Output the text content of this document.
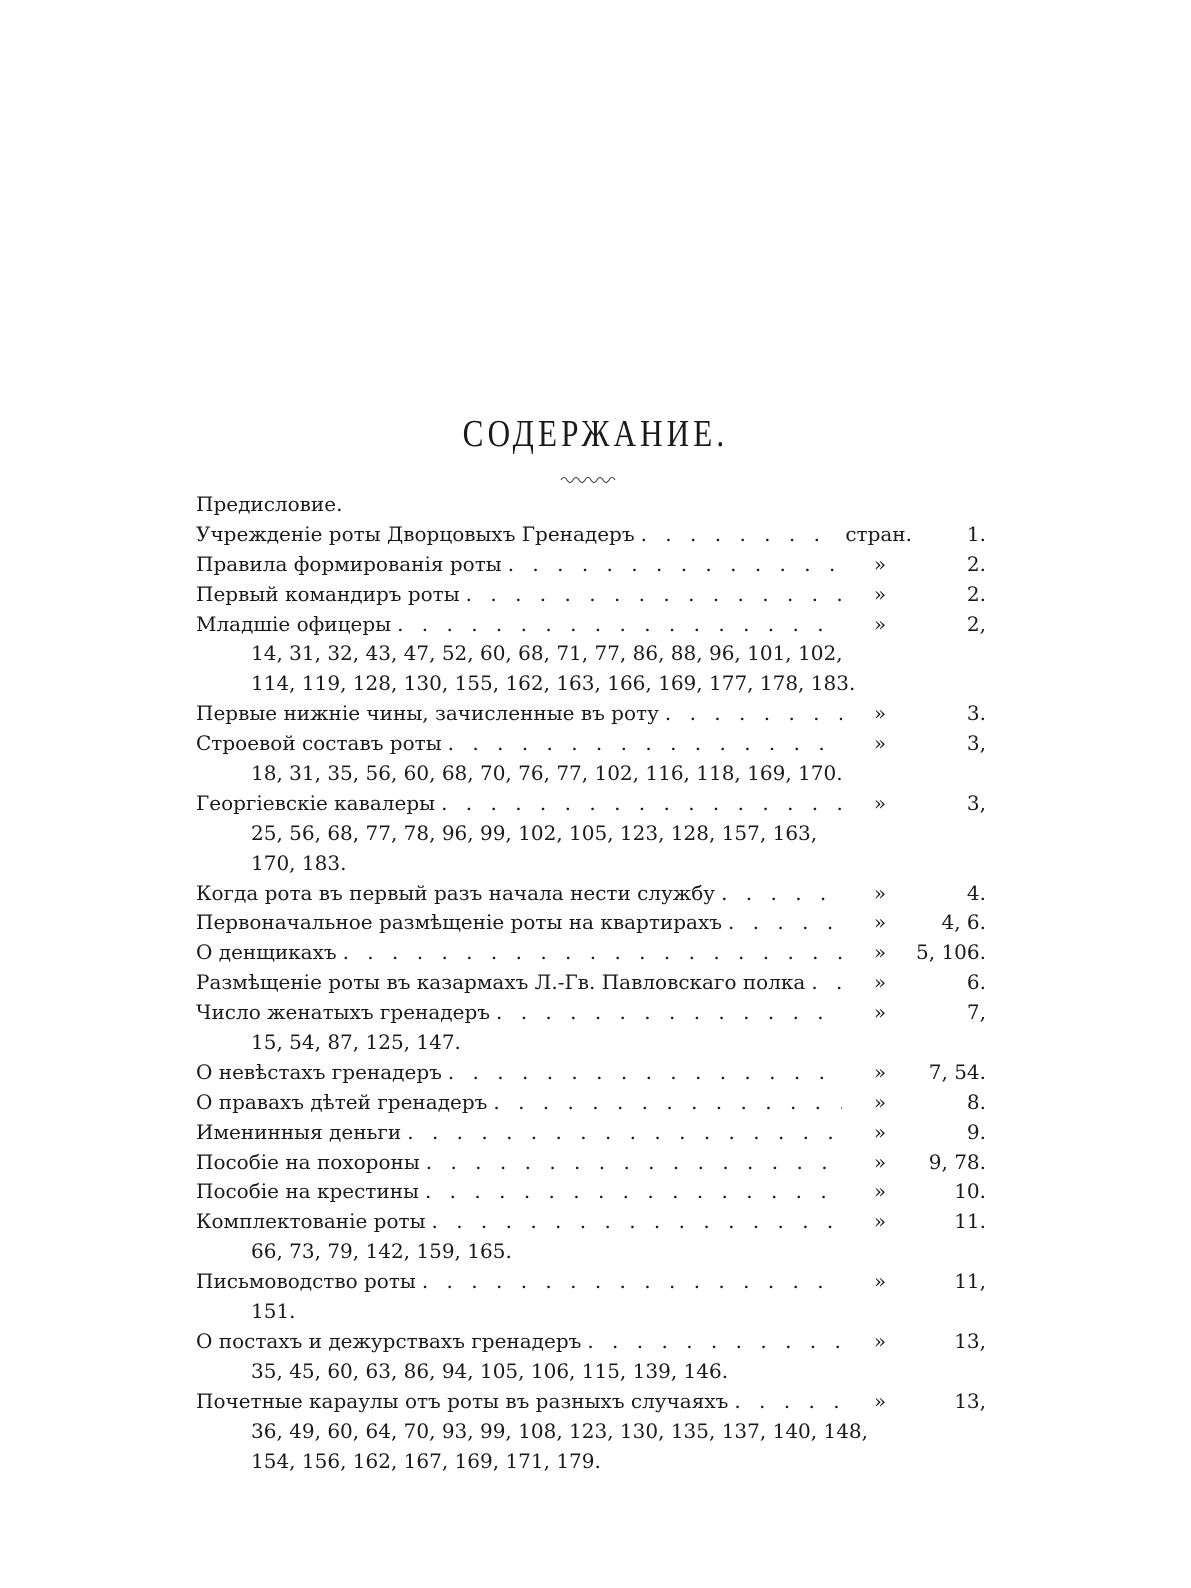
СОДЕРЖАНИЕ.
Предисловие.
Учрежденіе роты Дворцовыхъ Гренадеръ . . .	стран.	1.
Правила формированія роты . . .	»	2.
Первый командиръ роты . . .	»	2.
Младшіе офицеры . . .	»	2,
14, 31, 32, 43, 47, 52, 60, 68, 71, 77, 86, 88, 96, 101, 102,
114, 119, 128, 130, 155, 162, 163, 166, 169, 177, 178, 183.
Первые нижніе чины, зачисленные въ роту . . .	»	3.
Строевой составъ роты . . .	»	3,
18, 31, 35, 56, 60, 68, 70, 76, 77, 102, 116, 118, 169, 170.
Георгіевскіе кавалеры . . .	»	3,
25, 56, 68, 77, 78, 96, 99, 102, 105, 123, 128, 157, 163,
170, 183.
Когда рота въ первый разъ начала нести службу . . .	»	4.
Первоначальное размѣщеніе роты на квартирахъ . . .	»	4, 6.
О денщикахъ . . .	»	5, 106.
Размѣщеніе роты въ казармахъ Л.-Гв. Павловскаго полка . . .	»	6.
Число женатыхъ гренадеръ . . .	»	7,
15, 54, 87, 125, 147.
О невѣстахъ гренадеръ . . .	»	7, 54.
О правахъ дѣтей гренадеръ . . .	»	8.
Именинныя деньги . . .	»	9.
Пособіе на похороны . . .	»	9, 78.
Пособіе на крестины . . .	»	10.
Комплектованіе роты . . .	»	11.
66, 73, 79, 142, 159, 165.
Письмоводство роты . . .	»	11,
151.
О постахъ и дежурствахъ гренадеръ . . .	»	13,
35, 45, 60, 63, 86, 94, 105, 106, 115, 139, 146.
Почетные караулы отъ роты въ разныхъ случаяхъ . . .	»	13,
36, 49, 60, 64, 70, 93, 99, 108, 123, 130, 135, 137, 140, 148,
154, 156, 162, 167, 169, 171, 179.
